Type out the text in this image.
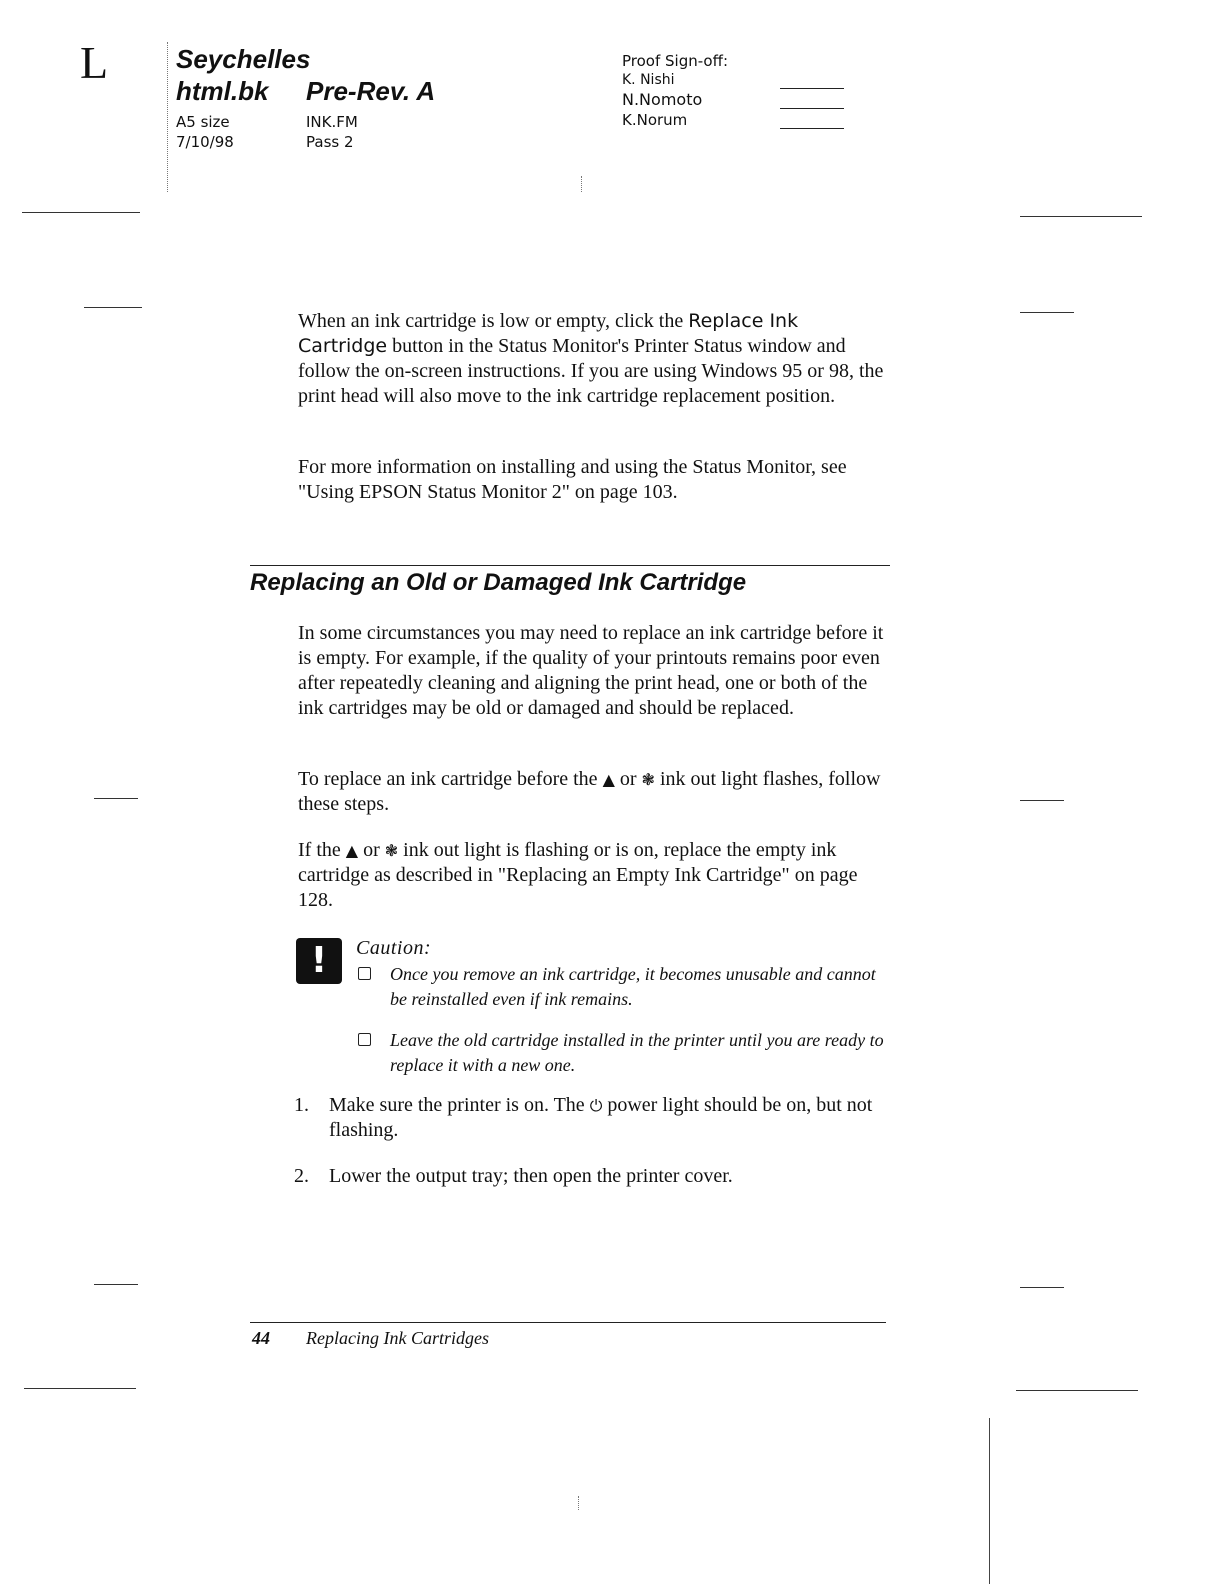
L	Seychelles
html.bk Pre-Rev. A
A5 size
7/10/98
INK.FM
Pass 2
Proof Sign-off:
K. Nishi
N.Nomoto
K.Norum
When an ink cartridge is low or empty, click the Replace Ink Cartridge button in the Status Monitor's Printer Status window and follow the on-screen instructions. If you are using Windows 95 or 98, the print head will also move to the ink cartridge replacement position.
For more information on installing and using the Status Monitor, see "Using EPSON Status Monitor 2" on page 103.
Replacing an Old or Damaged Ink Cartridge
In some circumstances you may need to replace an ink cartridge before it is empty. For example, if the quality of your printouts remains poor even after repeatedly cleaning and aligning the print head, one or both of the ink cartridges may be old or damaged and should be replaced.
To replace an ink cartridge before the ▲ or ❃ ink out light flashes, follow these steps.
If the ▲ or ❃ ink out light is flashing or is on, replace the empty ink cartridge as described in "Replacing an Empty Ink Cartridge" on page 128.
!	Caution:
Once you remove an ink cartridge, it becomes unusable and cannot be reinstalled even if ink remains.
Leave the old cartridge installed in the printer until you are ready to replace it with a new one.
1. Make sure the printer is on. The ⏻ power light should be on, but not flashing.
2. Lower the output tray; then open the printer cover.
44 Replacing Ink Cartridges
